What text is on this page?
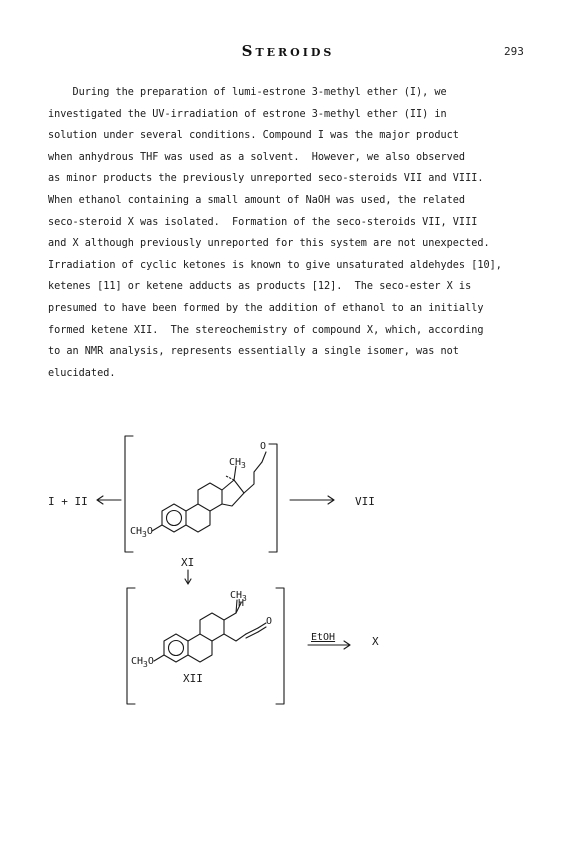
Steroids	293
During the preparation of lumi-estrone 3-methyl ether (I), we
investigated the UV-irradiation of estrone 3-methyl ether (II) in
solution under several conditions. Compound I was the major product
when anhydrous THF was used as a solvent.  However, we also observed
as minor products the previously unreported seco-steroids VII and VIII.
When ethanol containing a small amount of NaOH was used, the related
seco-steroid X was isolated.  Formation of the seco-steroids VII, VIII
and X although previously unreported for this system are not unexpected.
Irradiation of cyclic ketones is known to give unsaturated aldehydes [10],
ketenes [11] or ketene adducts as products [12].  The seco-ester X is
presumed to have been formed by the addition of ethanol to an initially
formed ketene XII.  The stereochemistry of compound X, which, according
to an NMR analysis, represents essentially a single isomer, was not
elucidated.
I + II	VII
$CH_3$
O
$CH_3O$
XI
$CH_3$
H
O
$CH_3O$
XII
EtOH	X
